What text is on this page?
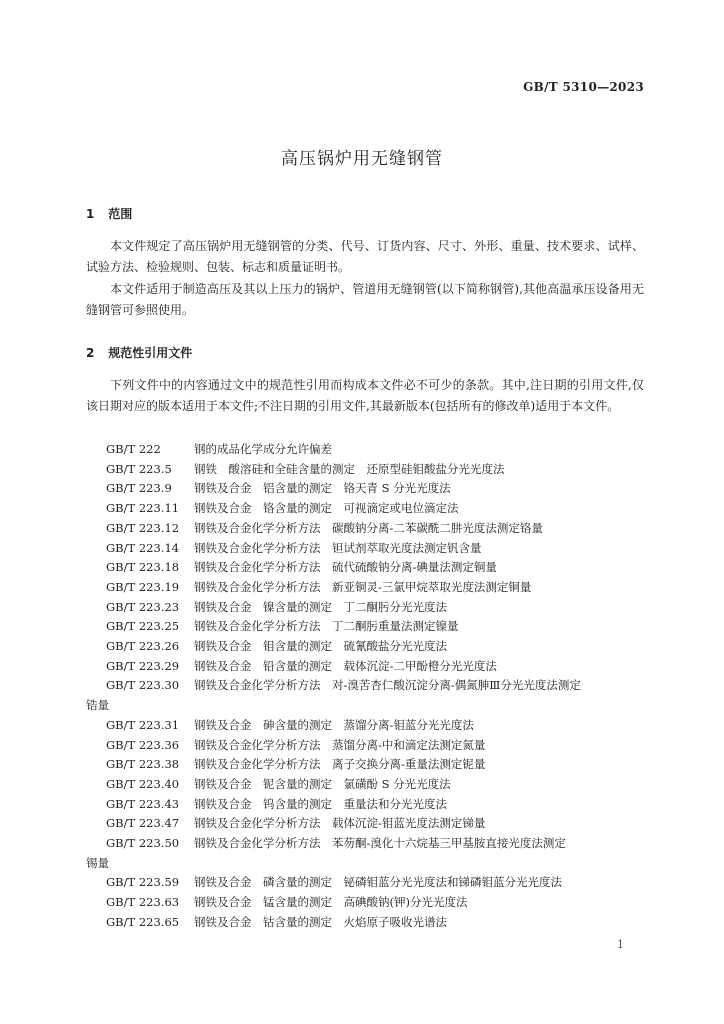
GB/T 5310—2023
高压锅炉用无缝钢管
1 范围

本文件规定了高压锅炉用无缝钢管的分类、代号、订货内容、尺寸、外形、重量、技术要求、试样、试验方法、检验规则、包装、标志和质量证明书。

本文件适用于制造高压及其以上压力的锅炉、管道用无缝钢管(以下简称钢管),其他高温承压设备用无缝钢管可参照使用。

2 规范性引用文件

下列文件中的内容通过文中的规范性引用而构成本文件必不可少的条款。其中,注日期的引用文件,仅该日期对应的版本适用于本文件;不注日期的引用文件,其最新版本(包括所有的修改单)适用于本文件。

GB/T 222	钢的成品化学成分允许偏差
GB/T 223.5 钢铁　酸溶硅和全硅含量的测定　还原型硅钼酸盐分光光度法
GB/T 223.9 钢铁及合金　铝含量的测定　铬天青 S 分光光度法
GB/T 223.11 钢铁及合金　铬含量的测定　可视滴定或电位滴定法
GB/T 223.12 钢铁及合金化学分析方法　碳酸钠分离-二苯碳酰二肼光度法测定铬量
GB/T 223.14 钢铁及合金化学分析方法　钽试剂萃取光度法测定钒含量
GB/T 223.18 钢铁及合金化学分析方法　硫代硫酸钠分离-碘量法测定铜量
GB/T 223.19 钢铁及合金化学分析方法　新亚铜灵-三氯甲烷萃取光度法测定铜量
GB/T 223.23 钢铁及合金　镍含量的测定　丁二酮肟分光光度法
GB/T 223.25 钢铁及合金化学分析方法　丁二酮肟重量法测定镍量
GB/T 223.26 钢铁及合金　钼含量的测定　硫氰酸盐分光光度法
GB/T 223.29 钢铁及合金　铅含量的测定　载体沉淀-二甲酚橙分光光度法
GB/T 223.30 钢铁及合金化学分析方法　对-溴苦杏仁酸沉淀分离-偶氮胂Ⅲ分光光度法测定
锆量
GB/T 223.31 钢铁及合金　砷含量的测定　蒸馏分离-钼蓝分光光度法
GB/T 223.36 钢铁及合金化学分析方法　蒸馏分离-中和滴定法测定氮量
GB/T 223.38 钢铁及合金化学分析方法　离子交换分离-重量法测定铌量
GB/T 223.40 钢铁及合金　铌含量的测定　氯磺酚 S 分光光度法
GB/T 223.43 钢铁及合金　钨含量的测定　重量法和分光光度法
GB/T 223.47 钢铁及合金化学分析方法　载体沉淀-钼蓝光度法测定锑量
GB/T 223.50 钢铁及合金化学分析方法　苯芴酮-溴化十六烷基三甲基胺直接光度法测定
锡量
GB/T 223.59 钢铁及合金　磷含量的测定　铋磷钼蓝分光光度法和锑磷钼蓝分光光度法
GB/T 223.63 钢铁及合金　锰含量的测定　高碘酸钠(钾)分光光度法
GB/T 223.65 钢铁及合金　钴含量的测定　火焰原子吸收光谱法
1
